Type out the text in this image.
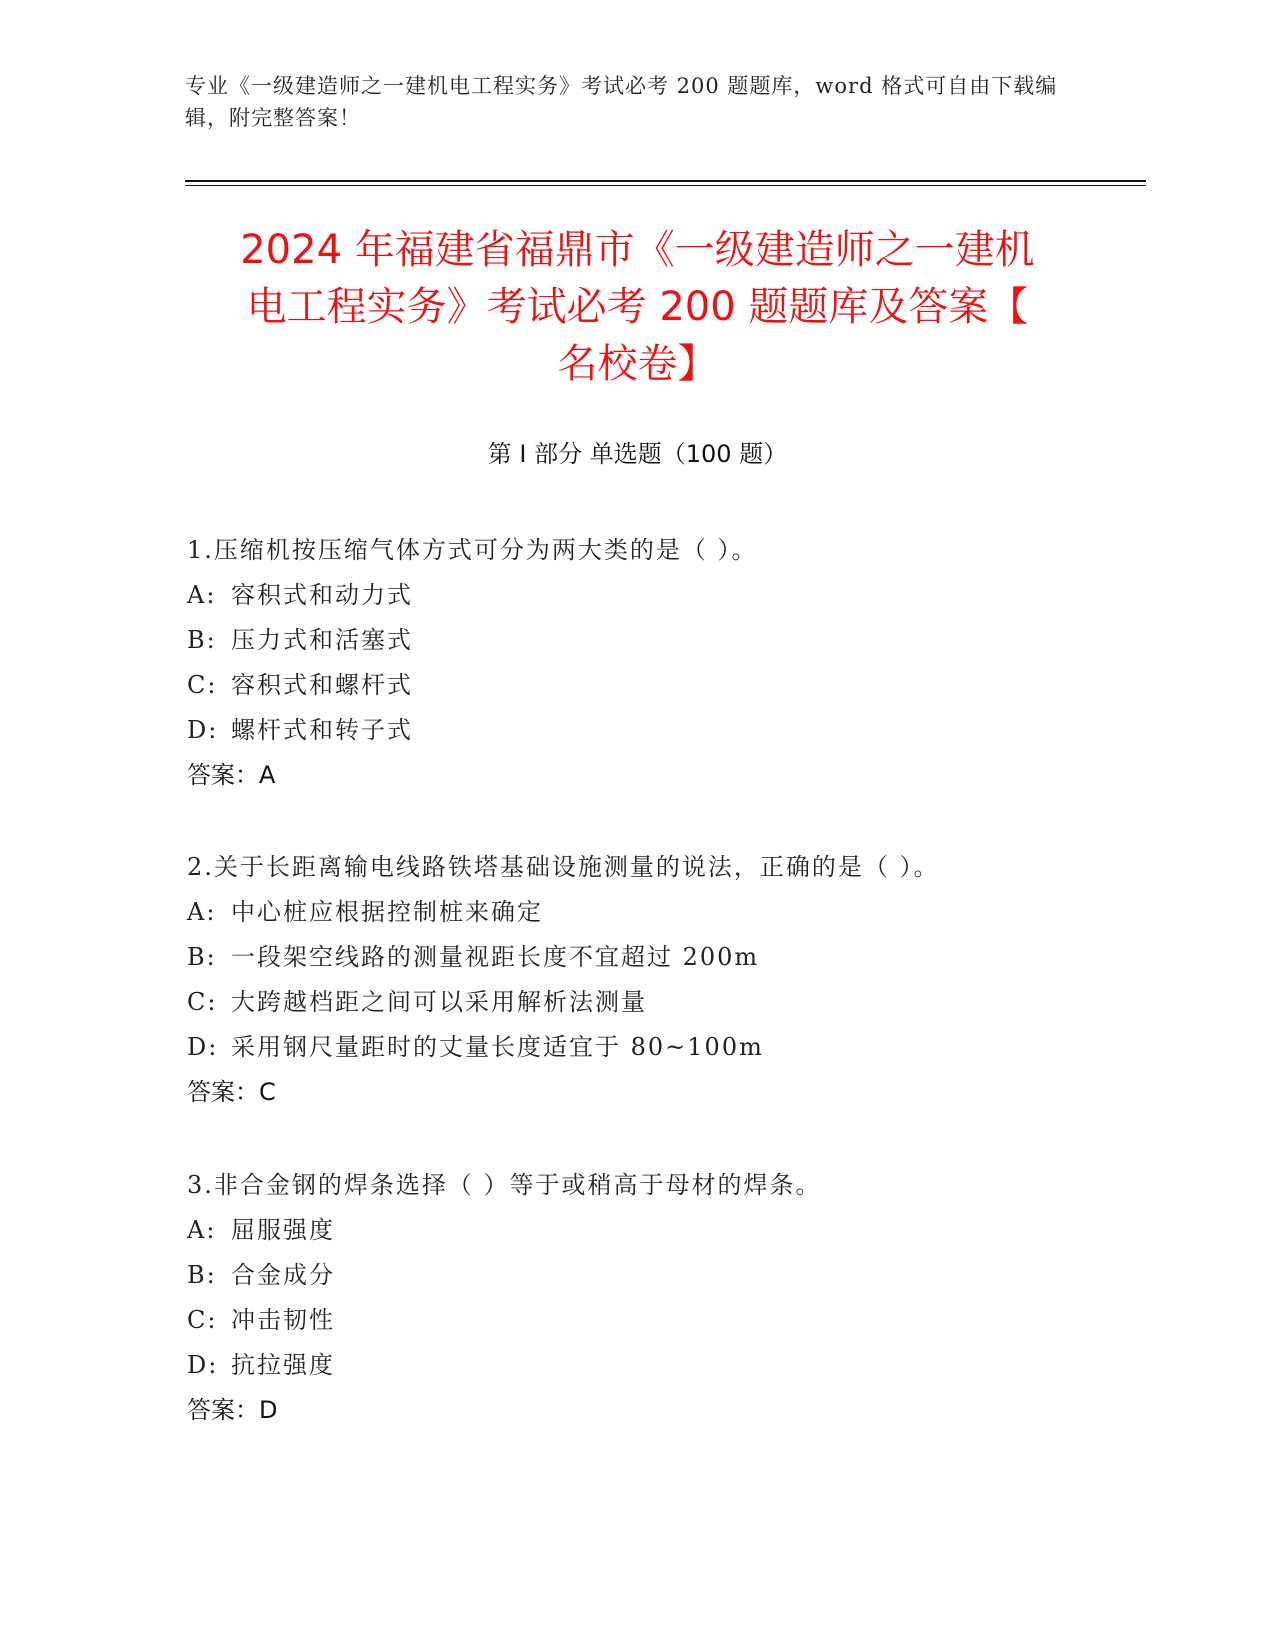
专业《一级建造师之一建机电工程实务》考试必考 200 题题库，word 格式可自由下载编辑，附完整答案！
2024 年福建省福鼎市《一级建造师之一建机
电工程实务》考试必考 200 题题库及答案【
名校卷】
第 I 部分 单选题（100 题）
1.压缩机按压缩气体方式可分为两大类的是（ ）。
A: 容积式和动力式
B: 压力式和活塞式
C: 容积式和螺杆式
D: 螺杆式和转子式
答案：A
2.关于长距离输电线路铁塔基础设施测量的说法，正确的是（ ）。
A: 中心桩应根据控制桩来确定
B: 一段架空线路的测量视距长度不宜超过 200m
C: 大跨越档距之间可以采用解析法测量
D: 采用钢尺量距时的丈量长度适宜于 80~100m
答案：C
3.非合金钢的焊条选择（ ）等于或稍高于母材的焊条。
A: 屈服强度
B: 合金成分
C: 冲击韧性
D: 抗拉强度
答案：D
